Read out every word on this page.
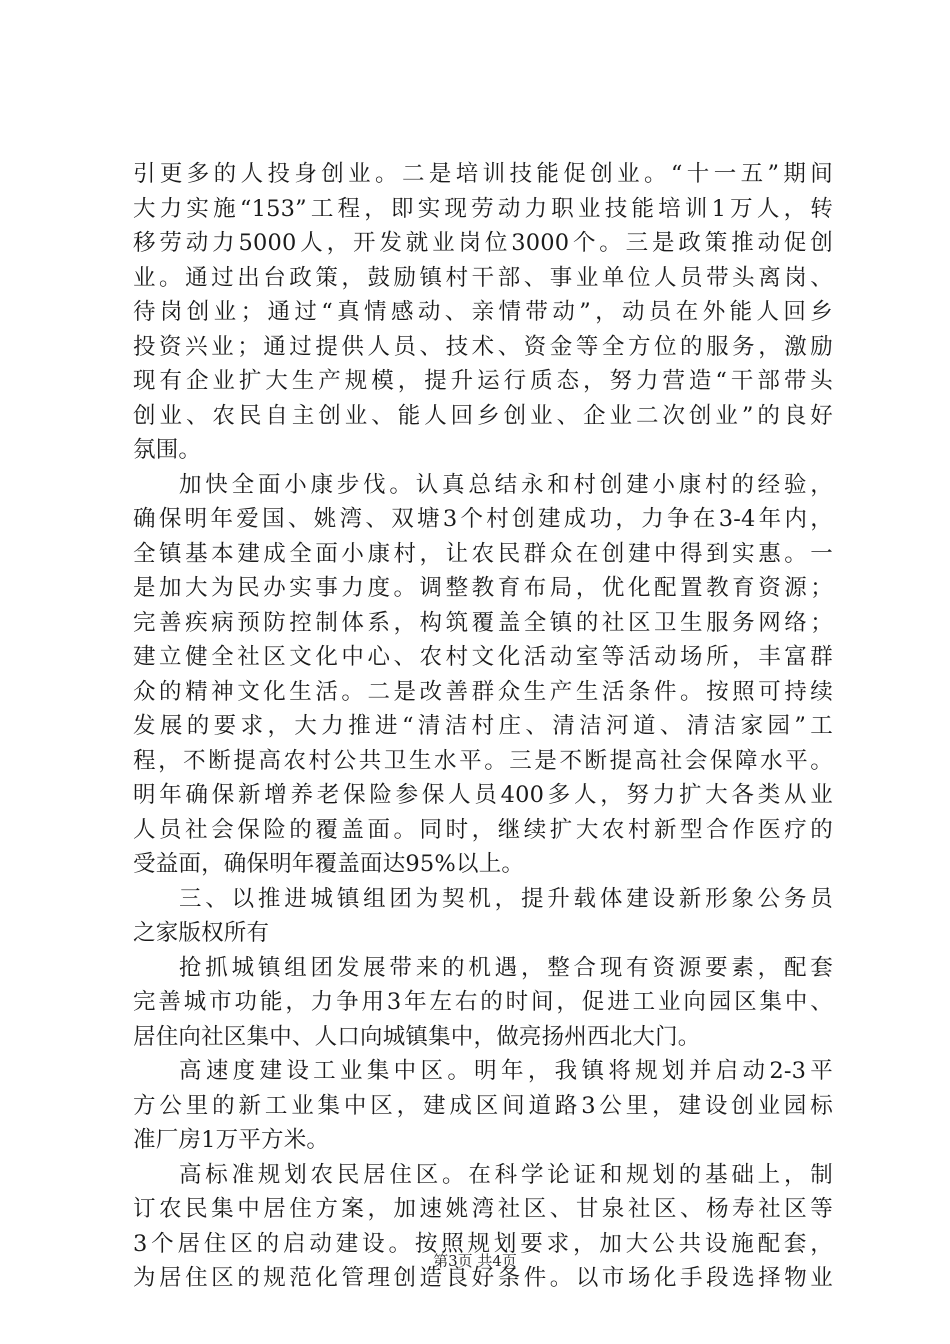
引更多的人投身创业。二是培训技能促创业。“十一五”期间
大力实施“153”工程，即实现劳动力职业技能培训1万人，转
移劳动力5000人，开发就业岗位3000个。三是政策推动促创
业。通过出台政策，鼓励镇村干部、事业单位人员带头离岗、
待岗创业；通过“真情感动、亲情带动”，动员在外能人回乡
投资兴业；通过提供人员、技术、资金等全方位的服务，激励
现有企业扩大生产规模，提升运行质态，努力营造“干部带头
创业、农民自主创业、能人回乡创业、企业二次创业”的良好
氛围。
加快全面小康步伐。认真总结永和村创建小康村的经验，
确保明年爱国、姚湾、双塘3个村创建成功，力争在3-4年内，
全镇基本建成全面小康村，让农民群众在创建中得到实惠。一
是加大为民办实事力度。调整教育布局，优化配置教育资源；
完善疾病预防控制体系，构筑覆盖全镇的社区卫生服务网络；
建立健全社区文化中心、农村文化活动室等活动场所，丰富群
众的精神文化生活。二是改善群众生产生活条件。按照可持续
发展的要求，大力推进“清洁村庄、清洁河道、清洁家园”工
程，不断提高农村公共卫生水平。三是不断提高社会保障水平。
明年确保新增养老保险参保人员400多人，努力扩大各类从业
人员社会保险的覆盖面。同时，继续扩大农村新型合作医疗的
受益面，确保明年覆盖面达95%以上。
三、以推进城镇组团为契机，提升载体建设新形象公务员
之家版权所有
抢抓城镇组团发展带来的机遇，整合现有资源要素，配套
完善城市功能，力争用3年左右的时间，促进工业向园区集中、
居住向社区集中、人口向城镇集中，做亮扬州西北大门。
高速度建设工业集中区。明年，我镇将规划并启动2-3平
方公里的新工业集中区，建成区间道路3公里，建设创业园标
准厂房1万平方米。
高标准规划农民居住区。在科学论证和规划的基础上，制
订农民集中居住方案，加速姚湾社区、甘泉社区、杨寿社区等
3个居住区的启动建设。按照规划要求，加大公共设施配套，
为居住区的规范化管理创造良好条件。以市场化手段选择物业
第3页 共4页
